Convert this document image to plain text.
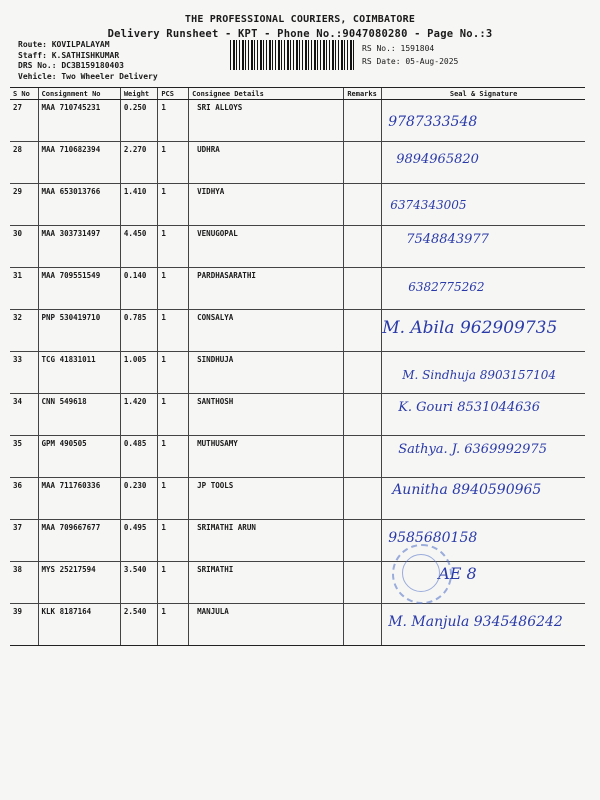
THE PROFESSIONAL COURIERS, COIMBATORE
Delivery Runsheet - KPT - Phone No.:9047080280 - Page No.:3
Route: KOVILPALAYAM
Staff: K.SATHISHKUMAR
DRS No.: DC3B159180403
Vehicle: Two Wheeler Delivery
RS No.: 1591804
RS Date: 05-Aug-2025
S No	Consignment No	Weight	PCS	Consignee Details	Remarks	Seal & Signature
27	MAA 710745231	0.250	1	SRI ALLOYS		9787333548

28	MAA 710682394	2.270	1	UDHRA		9894965820

29	MAA 653013766	1.410	1	VIDHYA		6374343005

30	MAA 303731497	4.450	1	VENUGOPAL		7548843977

31	MAA 709551549	0.140	1	PARDHASARATHI		6382775262

32	PNP 530419710	0.785	1	CONSALYA		M. Abila 962909735

33	TCG 41831011	1.005	1	SINDHUJA		M. Sindhuja 8903157104

34	CNN 549618	1.420	1	SANTHOSH		K. Gouri 8531044636

35	GPM 490505	0.485	1	MUTHUSAMY		Sathya. J. 6369992975

36	MAA 711760336	0.230	1	JP TOOLS		Aunitha 8940590965

37	MAA 709667677	0.495	1	SRIMATHI ARUN		9585680158

38	MYS 25217594	3.540	1	SRIMATHI		AE 8

39	KLK 8187164	2.540	1	MANJULA		M. Manjula 9345486242
